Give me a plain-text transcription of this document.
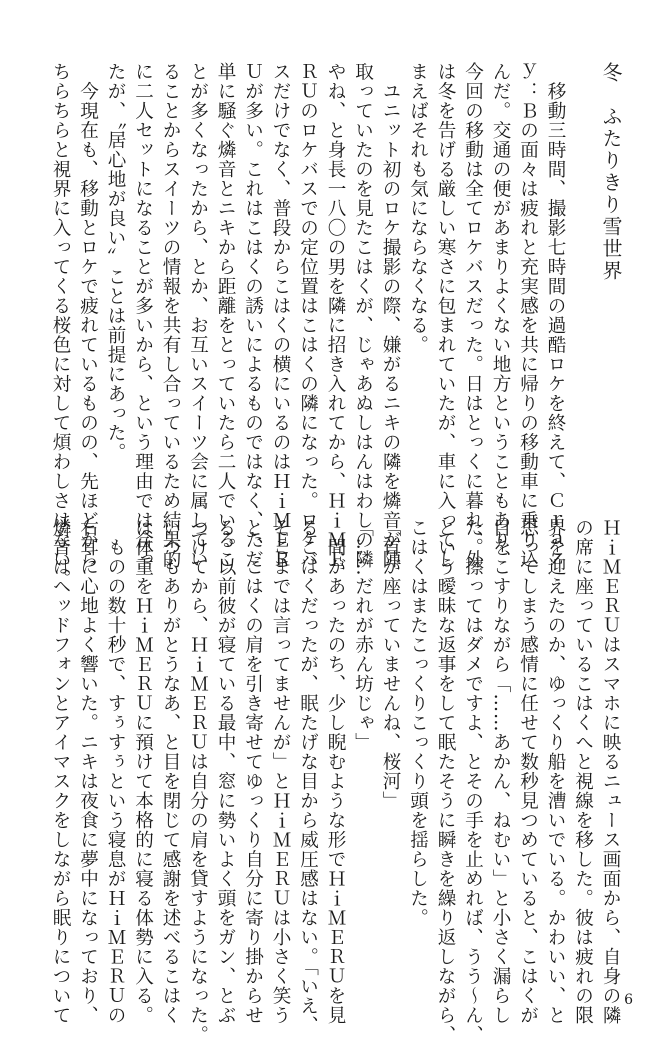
冬　ふたりきり雪世界
　移動三時間、撮影七時間の過酷ロケを終えて、Ｃｒａｚ
ｙ：Ｂの面々は疲れと充実感を共に帰りの移動車に乗り込
んだ。交通の便があまりよくない地方ということもあり、
今回の移動は全てロケバスだった。日はとっくに暮れ、外
は冬を告げる厳しい寒さに包まれていたが、車に入ってし
まえばそれも気にならなくなる。
　ユニット初のロケ撮影の際、嫌がるニキの隣を燐音が陣
取っていたのを見たこはくが、じゃあぬしはんはわしの隣
やね、と身長一八〇の男を隣に招き入れてから、ＨｉＭＥ
ＲＵのロケバスでの定位置はこはくの隣になった。ロケバ
スだけでなく、普段からこはくの横にいるのはＨｉＭＥＲ
Ｕが多い。これはこはくの誘いによるものではなく、ただ
単に騒ぐ燐音とニキから距離をとっていたら二人でいるこ
とが多くなったから、とか、お互いスイーツ会に属してい
ることからスイーツの情報を共有し合っているため結果的
に二人セットになることが多いから、という理由では合っ
たが、〝居心地が良い〟ことは前提にあった。
　今現在も、移動とロケで疲れているものの、先ほどから
ちらちらと視界に入ってくる桜色に対して煩わしさはない。
ＨｉＭＥＲＵはスマホに映るニュース画面から、自身の隣
の席に座っているこはくへと視線を移した。彼は疲れの限
界を迎えたのか、ゆっくり船を漕いでいる。かわいい、と
思ってしまう感情に任せて数秒見つめていると、こはくが
目をこすりながら「……あかん、ねむい」と小さく漏らし
た。擦ってはダメですよ、とその手を止めれば、うう～ん、
という曖昧な返事をして眠たそうに瞬きを繰り返しながら、
こはくはまたこっくりこっくり頭を揺らした。
「首が座っていませんね、桜河」
「……だれが赤ん坊じゃ」
　間があったのち、少し睨むような形でＨｉＭＥＲＵを見
るこはくだったが、眠たげな目から威圧感はない。「いえ、
そこまでは言ってませんが」とＨｉＭＥＲＵは小さく笑う
と、こはくの肩を引き寄せてゆっくり自分に寄り掛からせ
る。以前彼が寝ている最中、窓に勢いよく頭をガン、とぶ
つけてから、ＨｉＭＥＲＵは自分の肩を貸すようになった。
いつもありがとうなあ、と目を閉じて感謝を述べるこはく
は体重をＨｉＭＥＲＵに預けて本格的に寝る体勢に入る。
　ものの数十秒で、すぅすぅという寝息がＨｉＭＥＲＵの
右耳に心地よく響いた。ニキは夜食に夢中になっており、
燐音はヘッドフォンとアイマスクをしながら眠りについて	6
